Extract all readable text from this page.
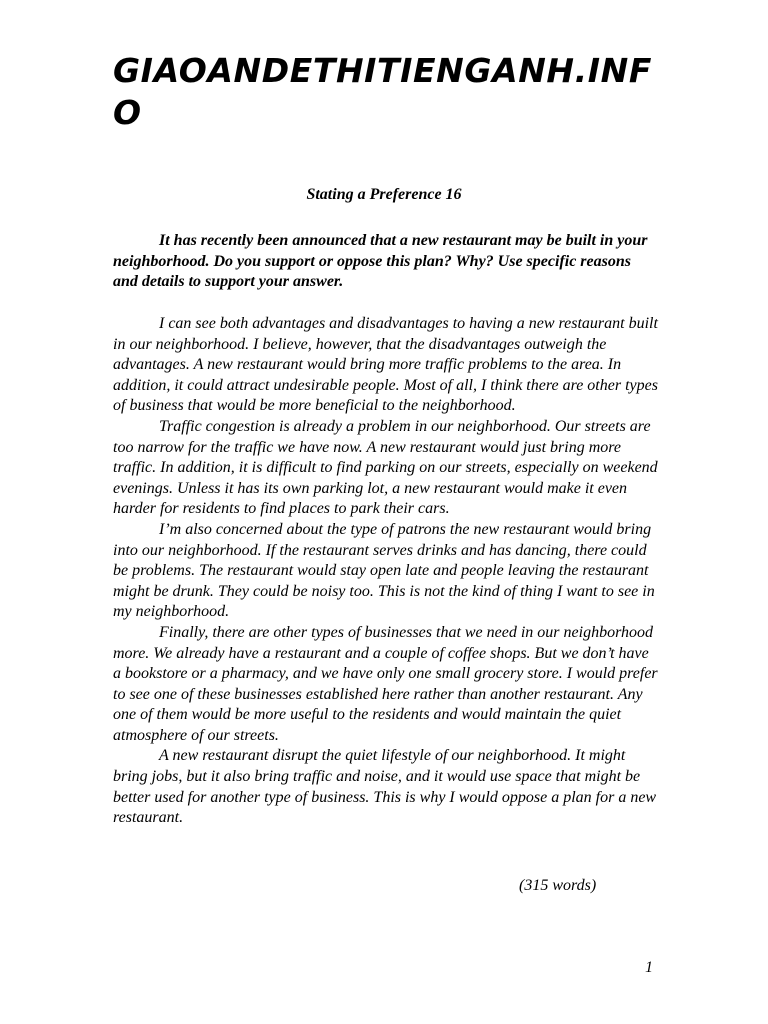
GIAOANDETHITIENGANH.INFO
Stating a Preference 16

It has recently been announced that a new restaurant may be built in your neighborhood. Do you support or oppose this plan? Why? Use specific reasons and details to support your answer.

I can see both advantages and disadvantages to having a new restaurant built in our neighborhood. I believe, however, that the disadvantages outweigh the advantages. A new restaurant would bring more traffic problems to the area. In addition, it could attract undesirable people. Most of all, I think there are other types of business that would be more beneficial to the neighborhood.

Traffic congestion is already a problem in our neighborhood. Our streets are too narrow for the traffic we have now. A new restaurant would just bring more traffic. In addition, it is difficult to find parking on our streets, especially on weekend evenings. Unless it has its own parking lot, a new restaurant would make it even harder for residents to find places to park their cars.

I’m also concerned about the type of patrons the new restaurant would bring into our neighborhood. If the restaurant serves drinks and has dancing, there could be problems. The restaurant would stay open late and people leaving the restaurant might be drunk. They could be noisy too. This is not the kind of thing I want to see in my neighborhood.

Finally, there are other types of businesses that we need in our neighborhood more. We already have a restaurant and a couple of coffee shops. But we don’t have a bookstore or a pharmacy, and we have only one small grocery store. I would prefer to see one of these businesses established here rather than another restaurant. Any one of them would be more useful to the residents and would maintain the quiet atmosphere of our streets.

A new restaurant disrupt the quiet lifestyle of our neighborhood. It might bring jobs, but it also bring traffic and noise, and it would use space that might be better used for another type of business. This is why I would oppose a plan for a new restaurant.

(315 words)
1
